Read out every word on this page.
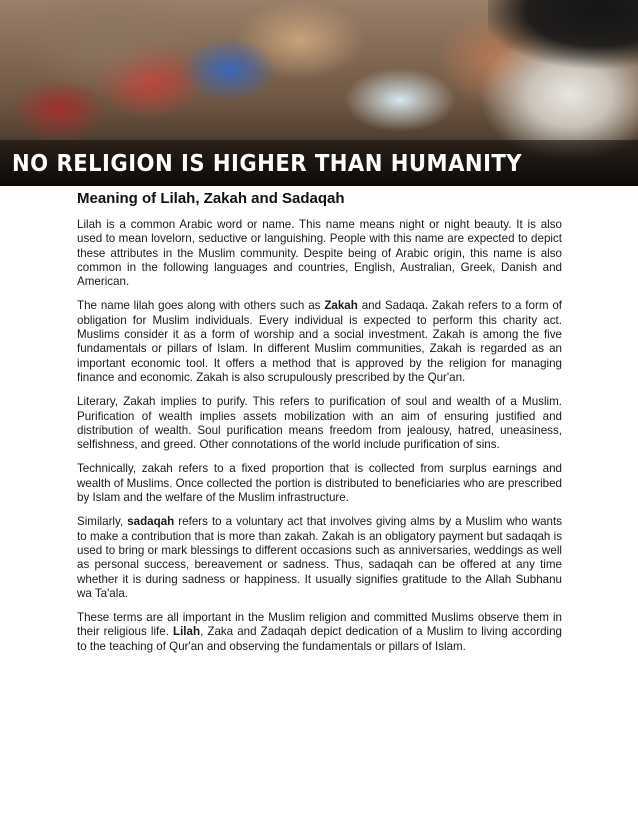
NO RELIGION IS HIGHER THAN HUMANITY
Meaning of Lilah, Zakah and Sadaqah

Lilah is a common Arabic word or name. This name means night or night beauty. It is also used to mean lovelorn, seductive or languishing. People with this name are expected to depict these attributes in the Muslim community. Despite being of Arabic origin, this name is also common in the following languages and countries, English, Australian, Greek, Danish and American.

The name lilah goes along with others such as Zakah and Sadaqa. Zakah refers to a form of obligation for Muslim individuals. Every individual is expected to perform this charity act. Muslims consider it as a form of worship and a social investment. Zakah is among the five fundamentals or pillars of Islam. In different Muslim communities, Zakah is regarded as an important economic tool. It offers a method that is approved by the religion for managing finance and economic. Zakah is also scrupulously prescribed by the Qur'an.

Literary, Zakah implies to purify. This refers to purification of soul and wealth of a Muslim. Purification of wealth implies assets mobilization with an aim of ensuring justified and distribution of wealth. Soul purification means freedom from jealousy, hatred, uneasiness, selfishness, and greed. Other connotations of the world include purification of sins.

Technically, zakah refers to a fixed proportion that is collected from surplus earnings and wealth of Muslims. Once collected the portion is distributed to beneficiaries who are prescribed by Islam and the welfare of the Muslim infrastructure.

Similarly, sadaqah refers to a voluntary act that involves giving alms by a Muslim who wants to make a contribution that is more than zakah. Zakah is an obligatory payment but sadaqah is used to bring or mark blessings to different occasions such as anniversaries, weddings as well as personal success, bereavement or sadness. Thus, sadaqah can be offered at any time whether it is during sadness or happiness. It usually signifies gratitude to the Allah Subhanu wa Ta'ala.

These terms are all important in the Muslim religion and committed Muslims observe them in their religious life. Lilah, Zaka and Zadaqah depict dedication of a Muslim to living according to the teaching of Qur'an and observing the fundamentals or pillars of Islam.
